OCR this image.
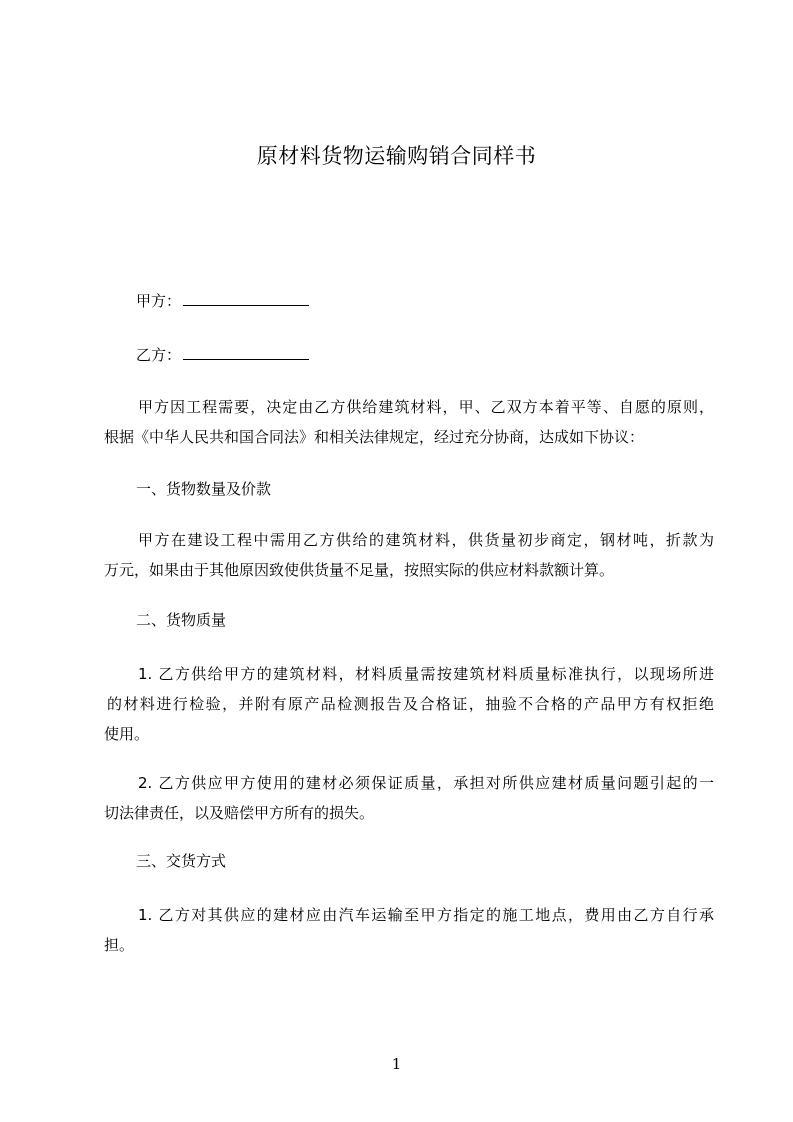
原材料货物运输购销合同样书

甲方：

乙方：

甲方因工程需要，决定由乙方供给建筑材料，甲、乙双方本着平等、自愿的原则，
根据《中华人民共和国合同法》和相关法律规定，经过充分协商，达成如下协议：

一、货物数量及价款

甲方在建设工程中需用乙方供给的建筑材料，供货量初步商定，钢材吨，折款为
万元，如果由于其他原因致使供货量不足量，按照实际的供应材料款额计算。

二、货物质量

1. 乙方供给甲方的建筑材料，材料质量需按建筑材料质量标准执行，以现场所进
的材料进行检验，并附有原产品检测报告及合格证，抽验不合格的产品甲方有权拒绝
使用。
2. 乙方供应甲方使用的建材必须保证质量，承担对所供应建材质量问题引起的一
切法律责任，以及赔偿甲方所有的损失。

三、交货方式

1. 乙方对其供应的建材应由汽车运输至甲方指定的施工地点，费用由乙方自行承
担。
1
